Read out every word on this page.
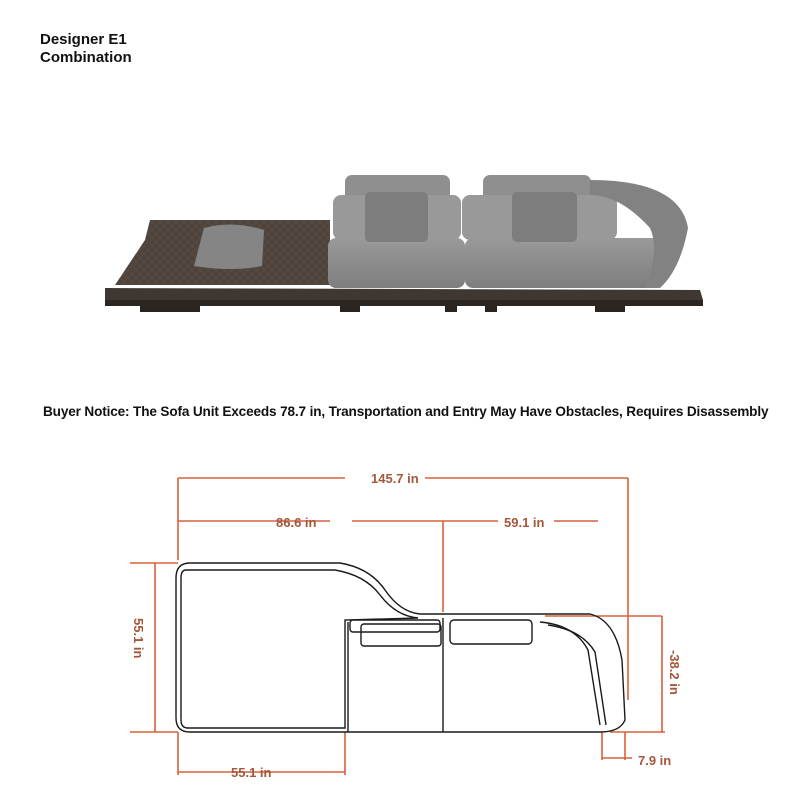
Designer E1
Combination
Buyer Notice: The Sofa Unit Exceeds 78.7 in, Transportation and Entry May Have Obstacles, Requires Disassembly
145.7 in
86.6 in	59.1 in
55.1 in
-38.2 in
55.1 in
7.9 in
